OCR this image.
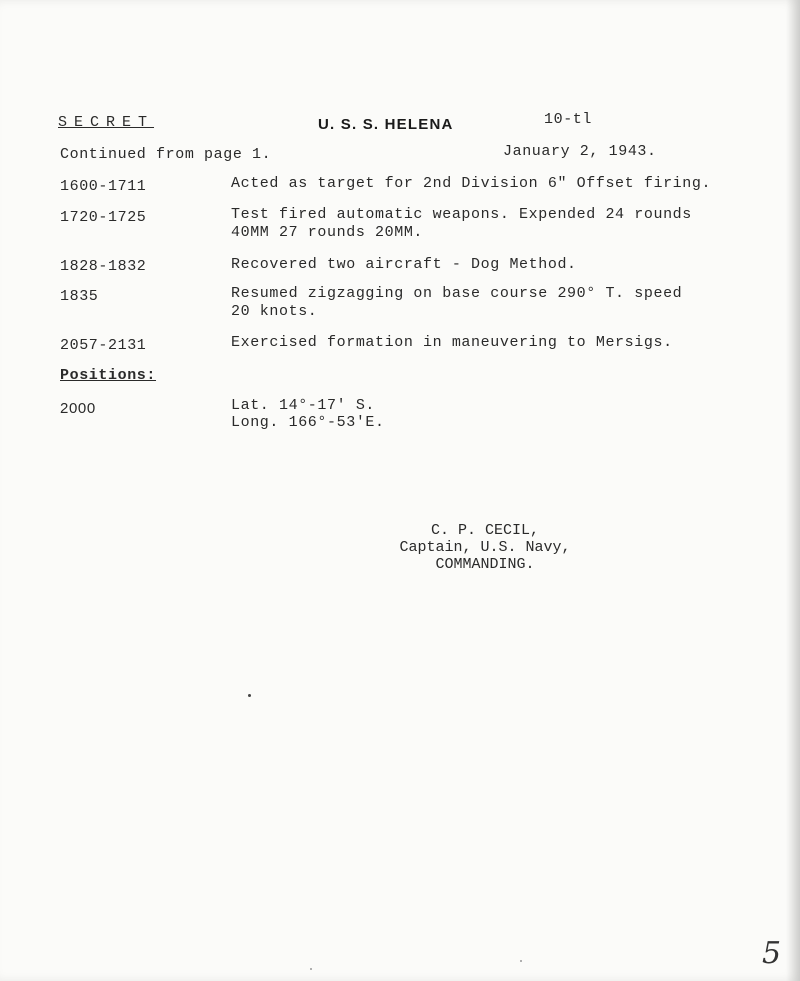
SECRET	U. S. S. HELENA	10-tl
Continued from page 1.	January 2, 1943.
1600-1711	Acted as target for 2nd Division 6" Offset firing.
1720-1725	Test fired automatic weapons. Expended 24 rounds
40MM 27 rounds 20MM.
1828-1832	Recovered two aircraft - Dog Method.
1835	Resumed zigzagging on base course 290° T. speed
20 knots.
2057-2131	Exercised formation in maneuvering to Mersigs.
Positions:
2000	Lat. 14°-17' S.
Long. 166°-53'E.
C. P. CECIL,
Captain, U.S. Navy,
COMMANDING.
5
